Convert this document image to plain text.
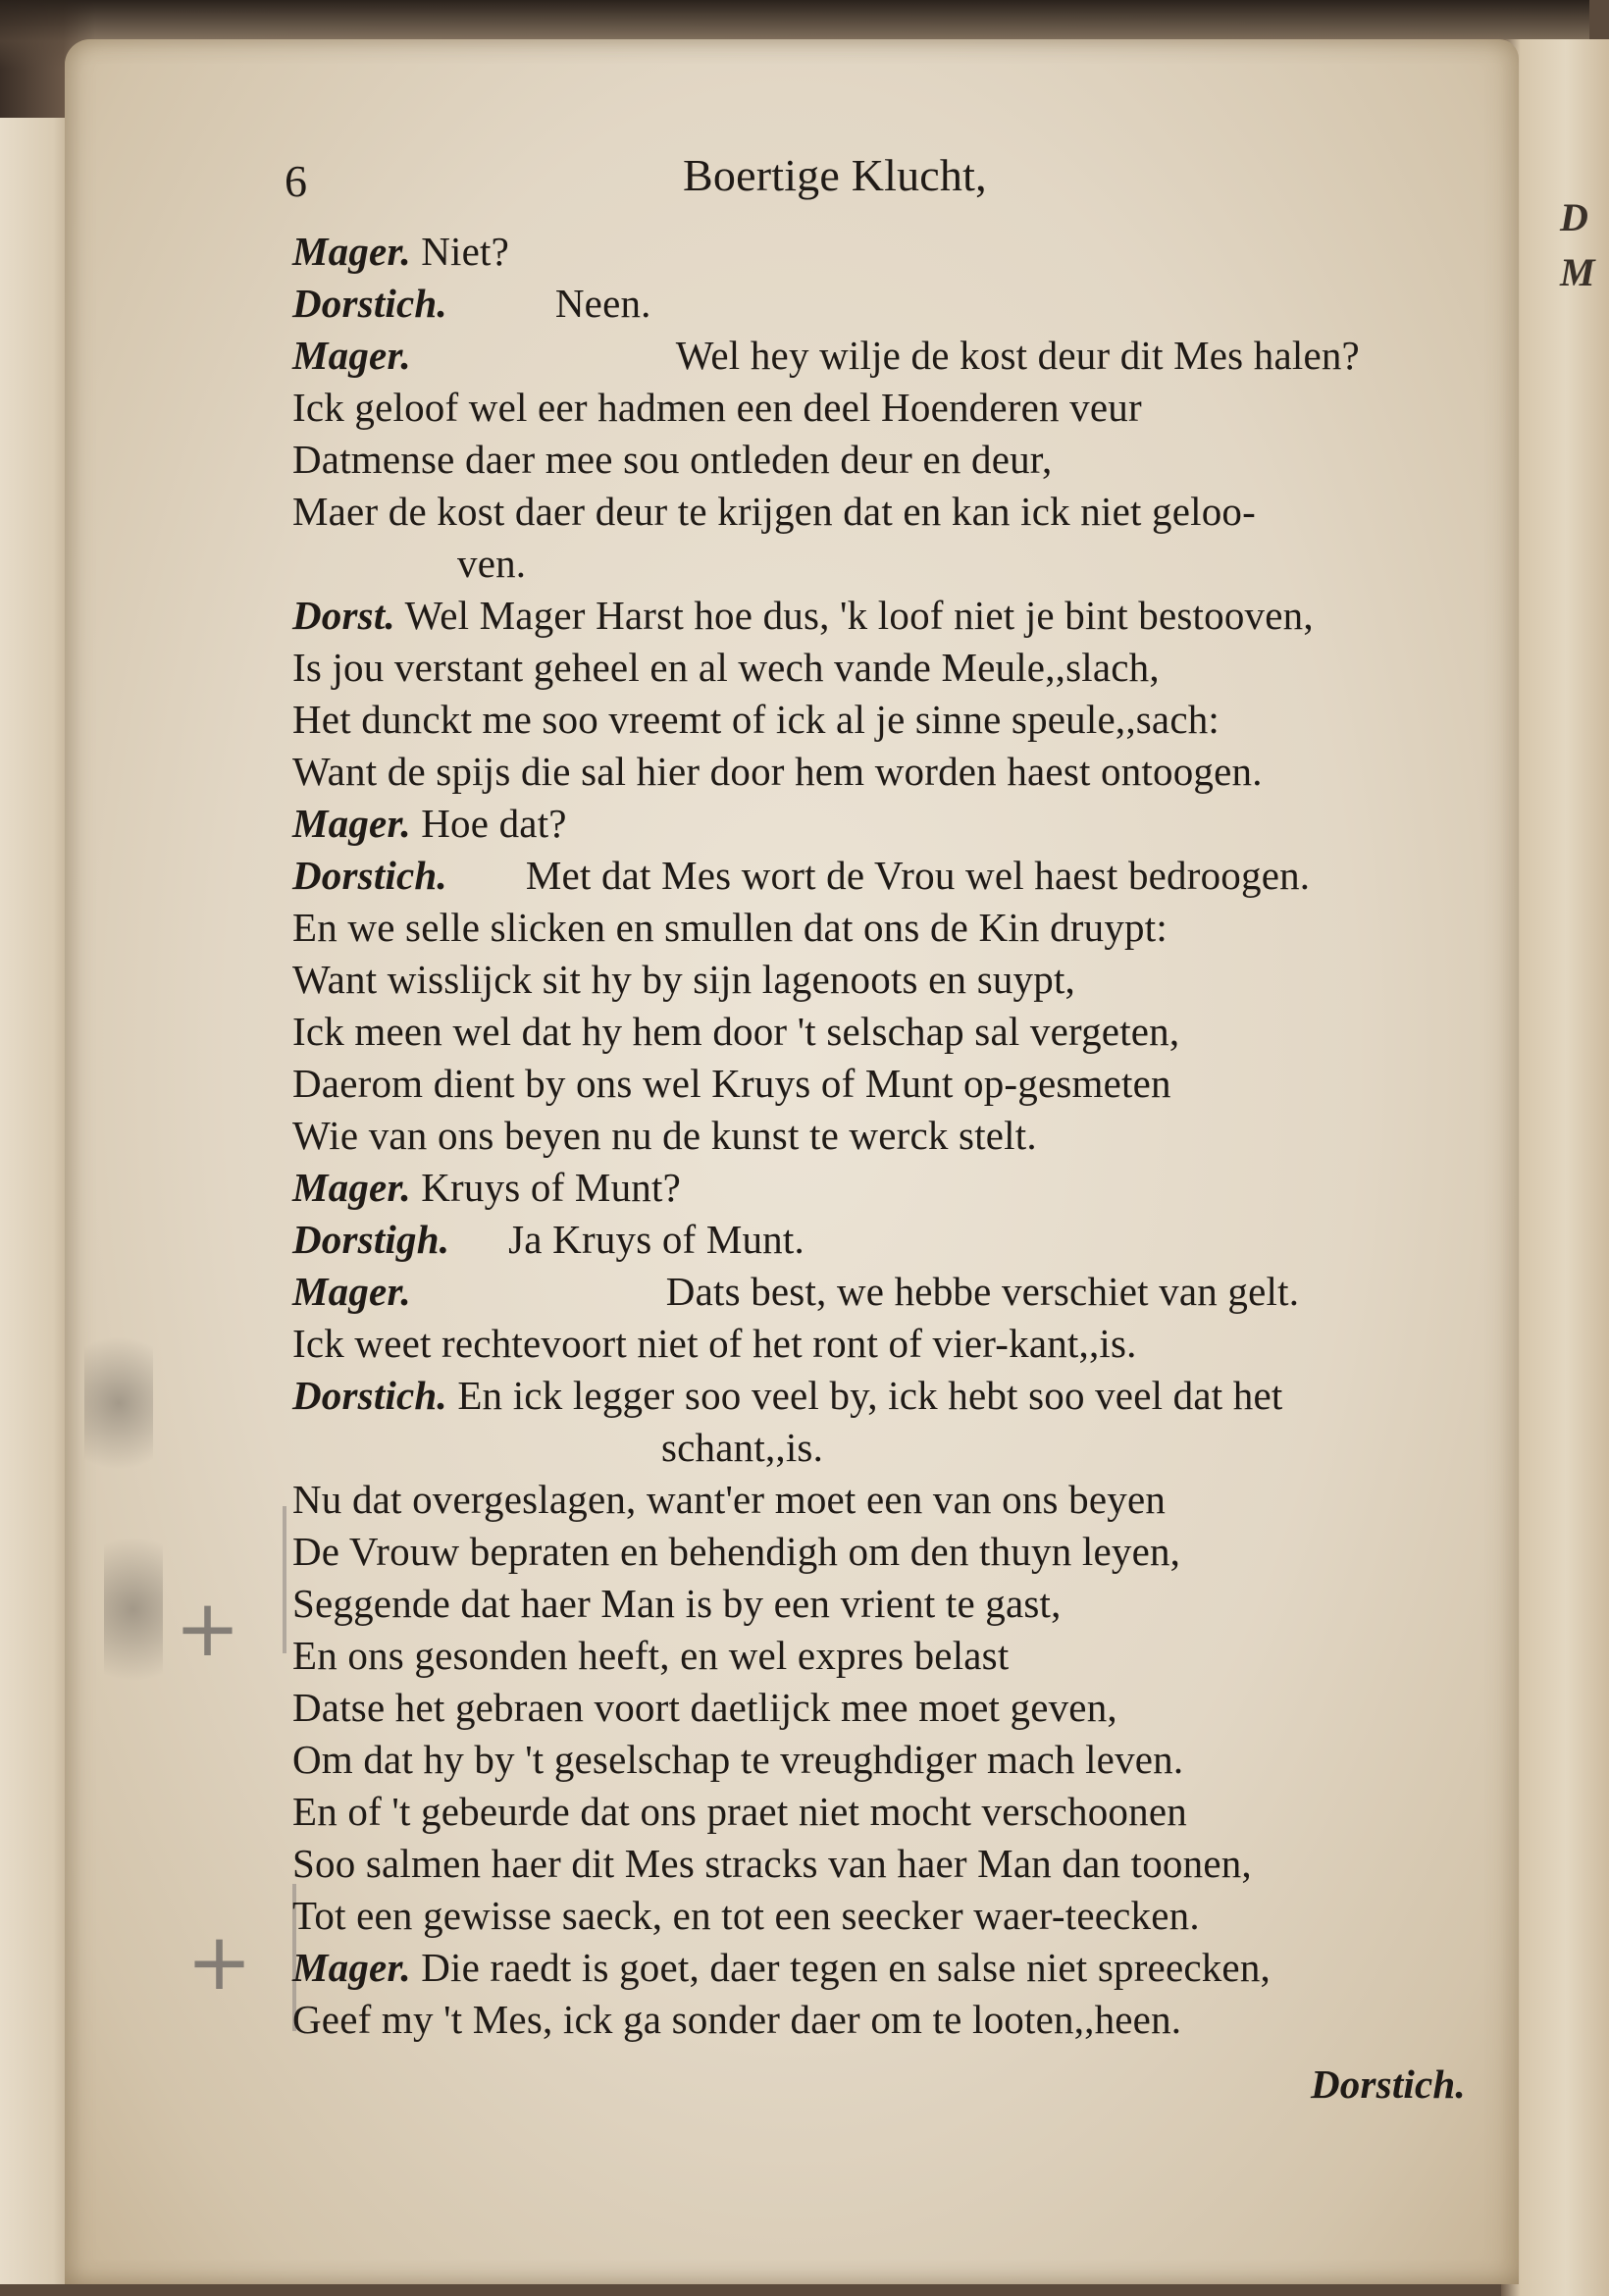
D
M
+
+
6	Boertige Klucht,
Mager. Niet?
Dorstich.	Neen.
Mager.	Wel hey wilje de kost deur dit Mes halen?
Ick geloof wel eer hadmen een deel Hoenderen veur
Datmense daer mee sou ontleden deur en deur,
Maer de kost daer deur te krijgen dat en kan ick niet geloo-
ven.
Dorst. Wel Mager Harst hoe dus, 'k loof niet je bint bestooven,
Is jou verstant geheel en al wech vande Meule,,slach,
Het dunckt me soo vreemt of ick al je sinne speule,,sach:
Want de spijs die sal hier door hem worden haest ontoogen.
Mager. Hoe dat?
Dorstich. Met dat Mes wort de Vrou wel haest bedroogen.
En we selle slicken en smullen dat ons de Kin druypt:
Want wisslijck sit hy by sijn lagenoots en suypt,
Ick meen wel dat hy hem door 't selschap sal vergeten,
Daerom dient by ons wel Kruys of Munt op-gesmeten
Wie van ons beyen nu de kunst te werck stelt.
Mager. Kruys of Munt?
Dorstigh. Ja Kruys of Munt.
Mager.	Dats best, we hebbe verschiet van gelt.
Ick weet rechtevoort niet of het ront of vier-kant,,is.
Dorstich. En ick legger soo veel by, ick hebt soo veel dat het
schant,,is.
Nu dat overgeslagen, want'er moet een van ons beyen
De Vrouw bepraten en behendigh om den thuyn leyen,
Seggende dat haer Man is by een vrient te gast,
En ons gesonden heeft, en wel expres belast
Datse het gebraen voort daetlijck mee moet geven,
Om dat hy by 't geselschap te vreughdiger mach leven.
En of 't gebeurde dat ons praet niet mocht verschoonen
Soo salmen haer dit Mes stracks van haer Man dan toonen,
Tot een gewisse saeck, en tot een seecker waer-teecken.
Mager. Die raedt is goet, daer tegen en salse niet spreecken,
Geef my 't Mes, ick ga sonder daer om te looten,,heen.
Dorstich.
